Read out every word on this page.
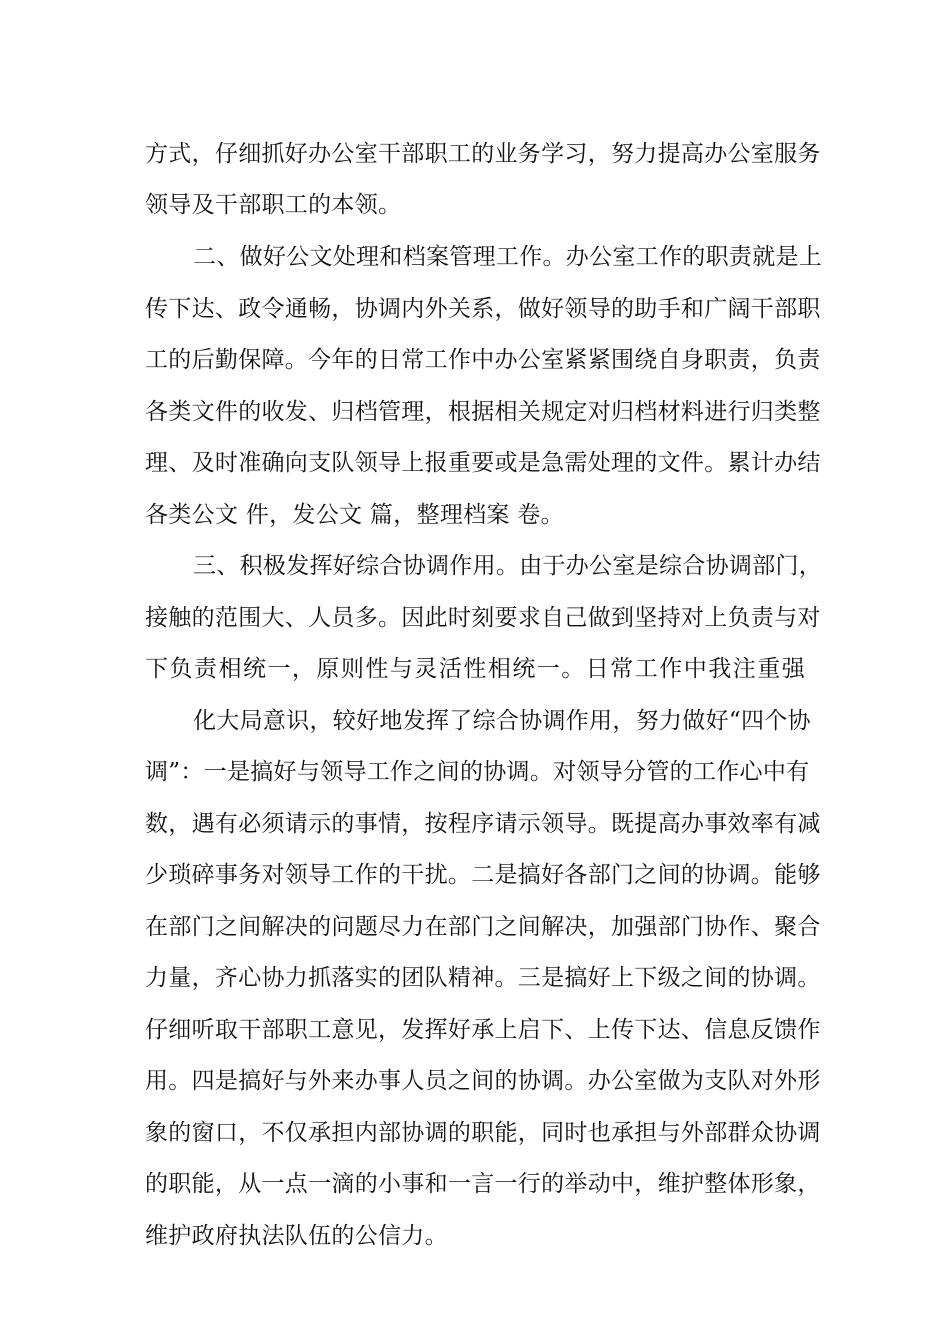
方式，仔细抓好办公室干部职工的业务学习，努力提高办公室服务
领导及干部职工的本领。
二、做好公文处理和档案管理工作。办公室工作的职责就是上
传下达、政令通畅，协调内外关系，做好领导的助手和广阔干部职
工的后勤保障。今年的日常工作中办公室紧紧围绕自身职责，负责
各类文件的收发、归档管理，根据相关规定对归档材料进行归类整
理、及时准确向支队领导上报重要或是急需处理的文件。累计办结
各类公文 件，发公文 篇，整理档案 卷。
三、积极发挥好综合协调作用。由于办公室是综合协调部门，
接触的范围大、人员多。因此时刻要求自己做到坚持对上负责与对
下负责相统一，原则性与灵活性相统一。日常工作中我注重强
化大局意识，较好地发挥了综合协调作用，努力做好“四个协
调”：一是搞好与领导工作之间的协调。对领导分管的工作心中有
数，遇有必须请示的事情，按程序请示领导。既提高办事效率有减
少琐碎事务对领导工作的干扰。二是搞好各部门之间的协调。能够
在部门之间解决的问题尽力在部门之间解决，加强部门协作、聚合
力量，齐心协力抓落实的团队精神。三是搞好上下级之间的协调。
仔细听取干部职工意见，发挥好承上启下、上传下达、信息反馈作
用。四是搞好与外来办事人员之间的协调。办公室做为支队对外形
象的窗口，不仅承担内部协调的职能，同时也承担与外部群众协调
的职能，从一点一滴的小事和一言一行的举动中，维护整体形象，
维护政府执法队伍的公信力。
